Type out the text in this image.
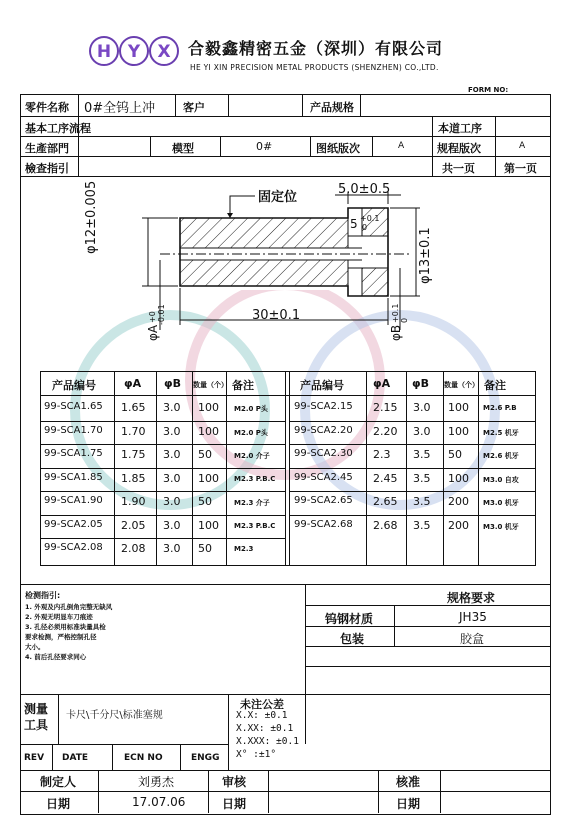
H Y X 合毅鑫精密五金（深圳）有限公司
HE YI XIN PRECISION METAL PRODUCTS (SHENZHEN) CO.,LTD.
FORM NO:
零件名称 0#全钨上冲	客户	产品规格
基本工序流程	本道工序
生產部門	模型	0#	图纸版次	A	规程版次	A
檢查指引	共一页	第一页
固定位
5.0±0.5
5 +0.1
0
φ12±0.005
φ13±0.1
30±0.1
φA
+0 -0.01
φB
+0.1 0
产品编号	φA φB 数量（个） 备注	产品编号	φA φB 数量（个） 备注
99-SCA1.65 1.65 3.0 100 M2.0 P头
99-SCA1.70 1.70 3.0 100 M2.0 P头
99-SCA1.75 1.75 3.0 50	M2.0 介子
99-SCA1.85 1.85 3.0 100 M2.3 P.B.C
99-SCA1.90 1.90 3.0 50	M2.3 介子
99-SCA2.05 2.05 3.0 100 M2.3 P.B.C
99-SCA2.08 2.08 3.0 50	M2.3
99-SCA2.15 2.15 3.0 100 M2.6 P.B
99-SCA2.20 2.20 3.0 100 M2.5 机牙
99-SCA2.30 2.3 3.5 50	M2.6 机牙
99-SCA2.45 2.45 3.5 100 M3.0 自攻
99-SCA2.65 2.65 3.5 200 M3.0 机牙
99-SCA2.68 2.68 3.5 200 M3.0 机牙
检测指引:
1. 外观及内孔倒角完整无缺风
2. 外观无明显车刀痕迹
3. 孔径必须用标准块量具检
要求检测，严格控制孔径
大小。
4. 前后孔径要求同心
规格要求
钨钢材质	JH35
包装	胶盒
测量
工具
卡尺\千分尺\标准塞规
未注公差
X.X: ±0.1
X.XX: ±0.1
X.XXX: ±0.1
X° :±1°
REV DATE	ECN NO	ENGG
制定人	刘勇杰	审核	核准
日期	17.07.06	日期	日期
